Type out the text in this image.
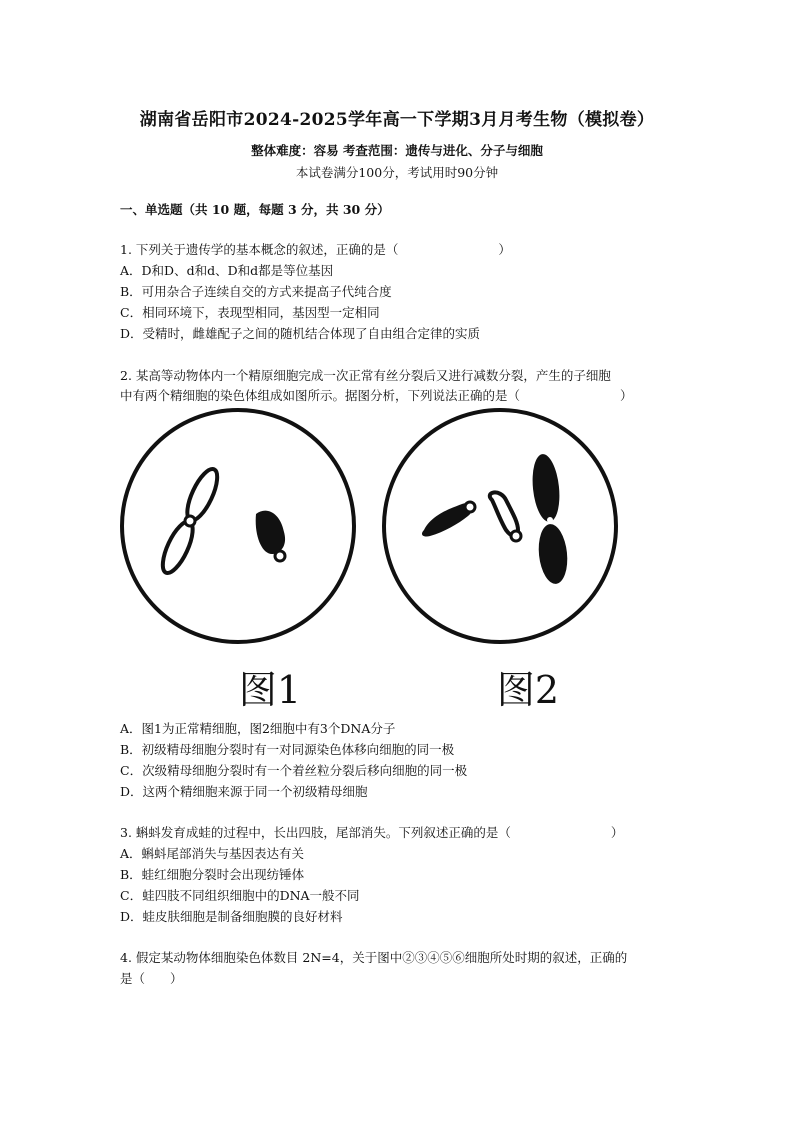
湖南省岳阳市2024-2025学年高一下学期3月月考生物（模拟卷）
整体难度：容易 考查范围：遗传与进化、分子与细胞
本试卷满分100分，考试用时90分钟
一、单选题（共 10 题，每题 3 分，共 30 分）
1. 下列关于遗传学的基本概念的叙述，正确的是（　　　　　　　　）
A．D和D、d和d、D和d都是等位基因
B．可用杂合子连续自交的方式来提高子代纯合度
C．相同环境下，表现型相同，基因型一定相同
D．受精时，雌雄配子之间的随机结合体现了自由组合定律的实质
2. 某高等动物体内一个精原细胞完成一次正常有丝分裂后又进行减数分裂，产生的子细胞
中有两个精细胞的染色体组成如图所示。据图分析，下列说法正确的是（　　　　　　　　）
图1	图2
A．图1为正常精细胞，图2细胞中有3个DNA分子
B．初级精母细胞分裂时有一对同源染色体移向细胞的同一极
C．次级精母细胞分裂时有一个着丝粒分裂后移向细胞的同一极
D．这两个精细胞来源于同一个初级精母细胞
3. 蝌蚪发育成蛙的过程中，长出四肢，尾部消失。下列叙述正确的是（　　　　　　　　）
A．蝌蚪尾部消失与基因表达有关
B．蛙红细胞分裂时会出现纺锤体
C．蛙四肢不同组织细胞中的DNA一般不同
D．蛙皮肤细胞是制备细胞膜的良好材料
4. 假定某动物体细胞染色体数目 2N=4，关于图中②③④⑤⑥细胞所处时期的叙述，正确的
是（　　）
